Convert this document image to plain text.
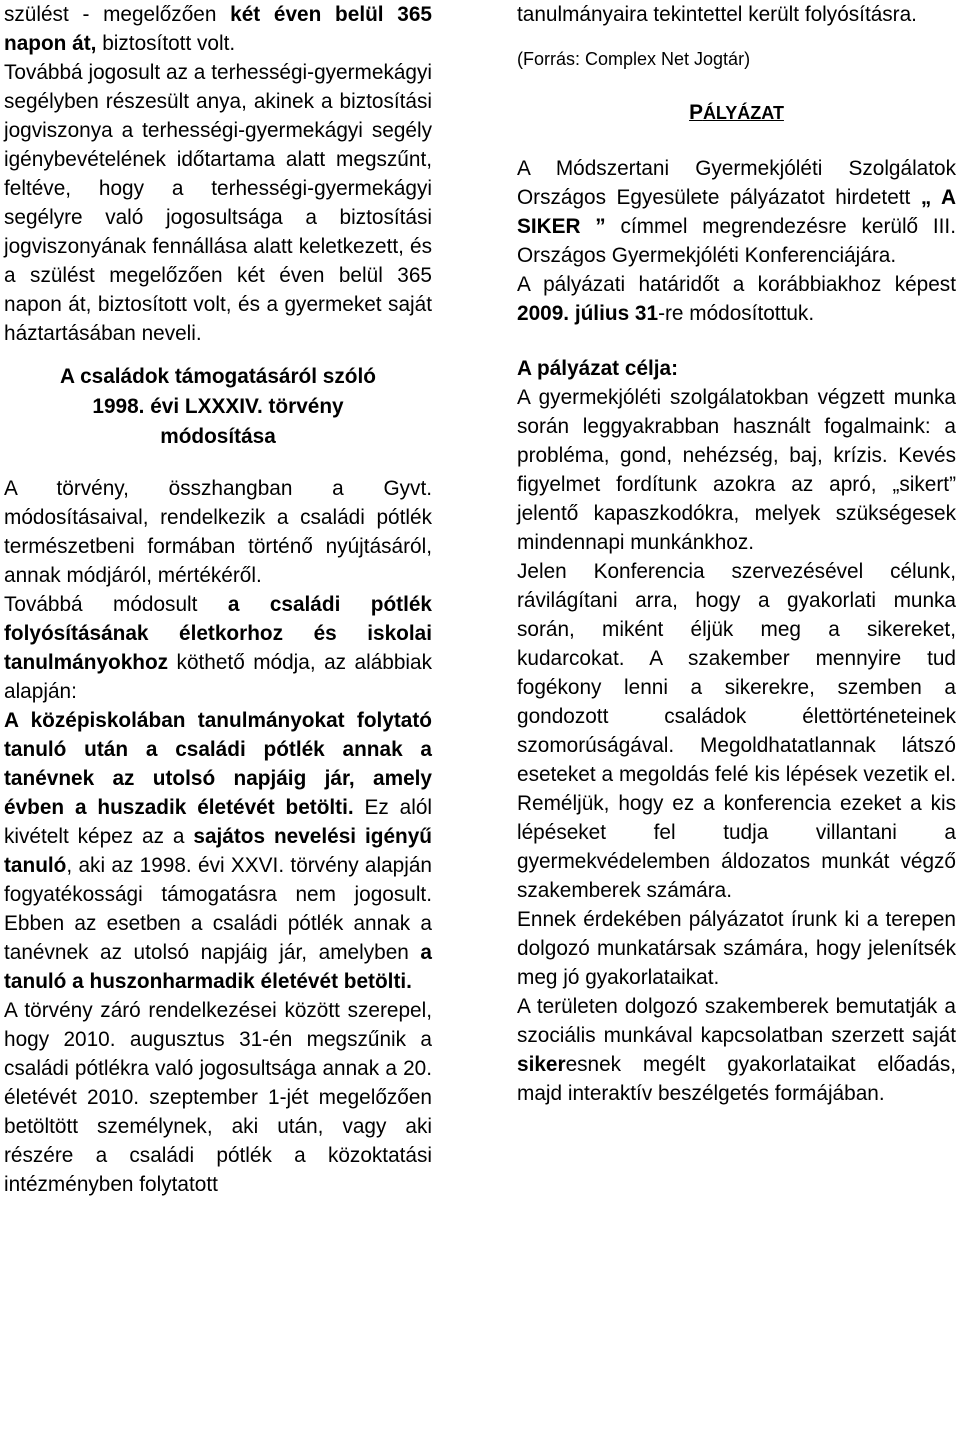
szülést - megelőzően két éven belül 365 napon át, biztosított volt.

Továbbá jogosult az a terhességi-gyermekágyi segélyben részesült anya, akinek a biztosítási jogviszonya a terhességi-gyermekágyi segély igénybevételének időtartama alatt megszűnt, feltéve, hogy a terhességi-gyermekágyi segélyre való jogosultsága a biztosítási jogviszonyának fennállása alatt keletkezett, és a szülést megelőzően két éven belül 365 napon át, biztosított volt, és a gyermeket saját háztartásában neveli.

A családok támogatásáról szóló
1998. évi LXXXIV. törvény
módosítása

A törvény, összhangban a Gyvt. módosításaival, rendelkezik a családi pótlék természetbeni formában történő nyújtásáról, annak módjáról, mértékéről.

Továbbá módosult a családi pótlék folyósításának életkorhoz és iskolai tanulmányokhoz köthető módja, az alábbiak alapján:
A középiskolában tanulmányokat folytató tanuló után a családi pótlék annak a tanévnek az utolsó napjáig jár, amely évben a huszadik életévét betölti. Ez alól kivételt képez az a sajátos nevelési igényű tanuló, aki az 1998. évi XXVI. törvény alapján fogyatékossági támogatásra nem jogosult. Ebben az esetben a családi pótlék annak a tanévnek az utolsó napjáig jár, amelyben a tanuló a huszonharmadik életévét betölti.

A törvény záró rendelkezései között szerepel, hogy 2010. augusztus 31-én megszűnik a családi pótlékra való jogosultsága annak a 20. életévét 2010. szeptember 1-jét megelőzően betöltött személynek, aki után, vagy aki részére a családi pótlék a közoktatási intézményben folytatott

tanulmányaira tekintettel került folyósításra.

(Forrás: Complex Net Jogtár)

PÁLYÁZAT

A Módszertani Gyermekjóléti Szolgálatok Országos Egyesülete pályázatot hirdetett „ A SIKER ” címmel megrendezésre kerülő III. Országos Gyermekjóléti Konferenciájára.

A pályázati határidőt a korábbiakhoz képest 2009. július 31-re módosítottuk.

A pályázat célja:

A gyermekjóléti szolgálatokban végzett munka során leggyakrabban használt fogalmaink: a probléma, gond, nehézség, baj, krízis. Kevés figyelmet fordítunk azokra az apró, „sikert” jelentő kapaszkodókra, melyek szükségesek mindennapi munkánkhoz.

Jelen Konferencia szervezésével célunk, rávilágítani arra, hogy a gyakorlati munka során, miként éljük meg a sikereket, kudarcokat. A szakember mennyire tud fogékony lenni a sikerekre, szemben a gondozott családok élettörténeteinek szomorúságával. Megoldhatatlannak látszó eseteket a megoldás felé kis lépések vezetik el. Reméljük, hogy ez a konferencia ezeket a kis lépéseket fel tudja villantani a gyermekvédelemben áldozatos munkát végző szakemberek számára.

Ennek érdekében pályázatot írunk ki a terepen dolgozó munkatársak számára, hogy jelenítsék meg jó gyakorlataikat.

A területen dolgozó szakemberek bemutatják a szociális munkával kapcsolatban szerzett saját sikeresnek megélt gyakorlataikat előadás, majd interaktív beszélgetés formájában.
